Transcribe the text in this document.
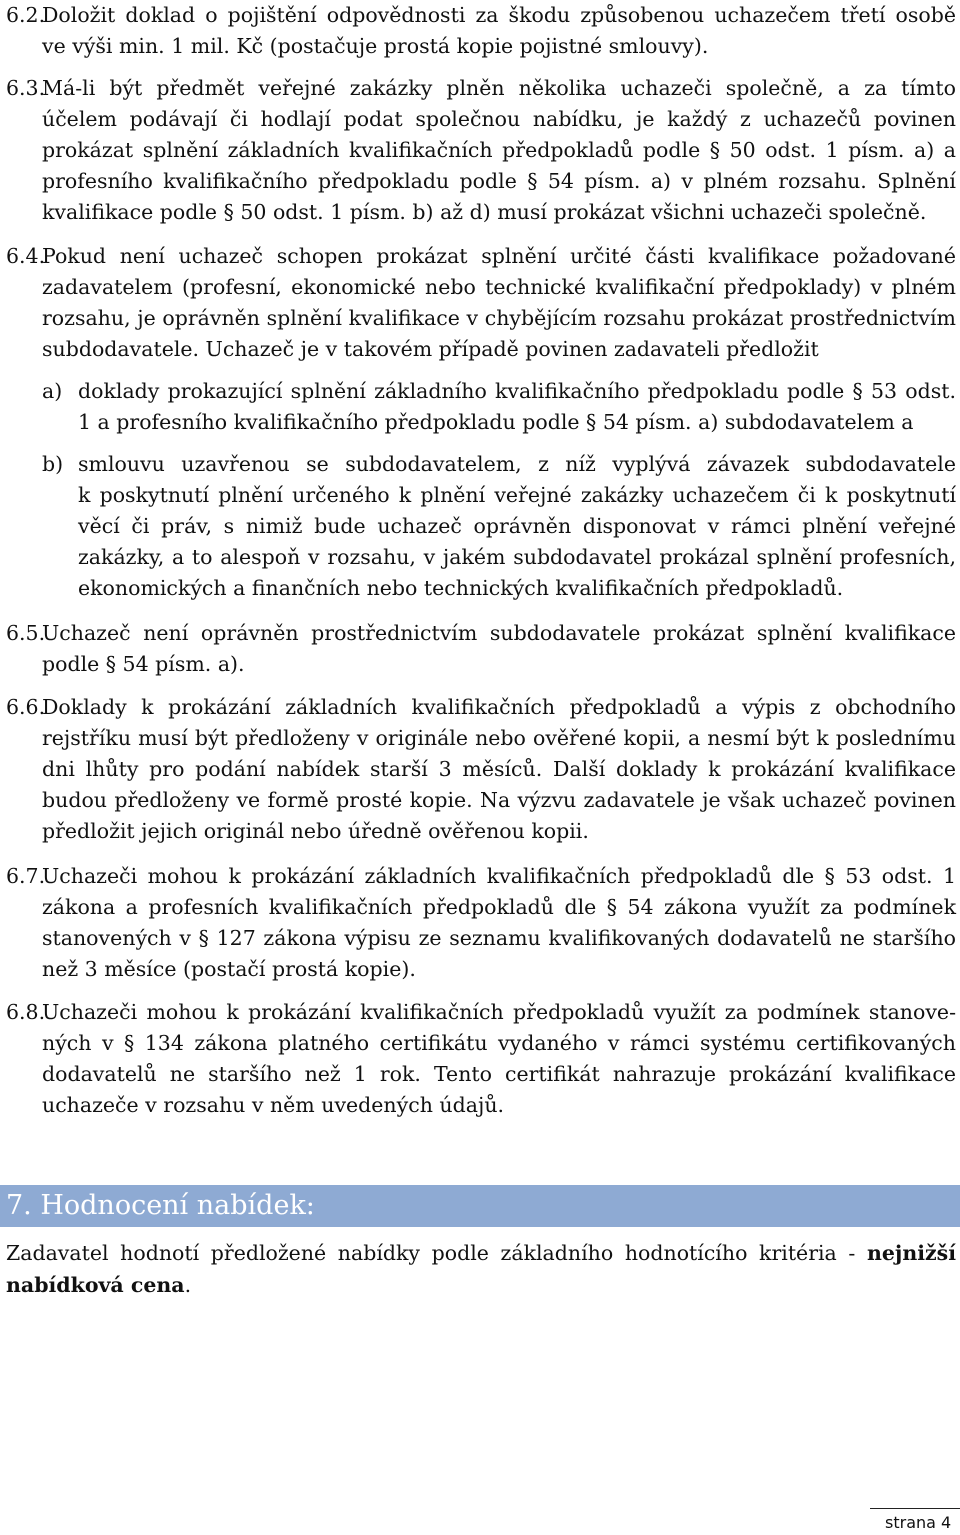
6.2.
Doložit doklad o pojištění odpovědnosti za škodu způsobenou uchazečem třetí osobě
ve výši min. 1 mil. Kč (postačuje prostá kopie pojistné smlouvy).
6.3.
Má-li být předmět veřejné zakázky plněn několika uchazeči společně, a za tímto
účelem podávají či hodlají podat společnou nabídku, je každý z uchazečů povinen
prokázat splnění základních kvalifikačních předpokladů podle § 50 odst. 1 písm. a) a
profesního kvalifikačního předpokladu podle § 54 písm. a) v plném rozsahu. Splnění
kvalifikace podle § 50 odst. 1 písm. b) až d) musí prokázat všichni uchazeči společně.
6.4.
Pokud není uchazeč schopen prokázat splnění určité části kvalifikace požadované
zadavatelem (profesní, ekonomické nebo technické kvalifikační předpoklady) v plném
rozsahu, je oprávněn splnění kvalifikace v chybějícím rozsahu prokázat prostřednictvím
subdodavatele. Uchazeč je v takovém případě povinen zadavateli předložit
a) doklady prokazující splnění základního kvalifikačního předpokladu podle § 53 odst.
1 a profesního kvalifikačního předpokladu podle § 54 písm. a) subdodavatelem a
b) smlouvu uzavřenou se subdodavatelem, z níž vyplývá závazek subdodavatele
k poskytnutí plnění určeného k plnění veřejné zakázky uchazečem či k poskytnutí
věcí či práv, s nimiž bude uchazeč oprávněn disponovat v rámci plnění veřejné
zakázky, a to alespoň v rozsahu, v jakém subdodavatel prokázal splnění profesních,
ekonomických a finančních nebo technických kvalifikačních předpokladů.
6.5.
Uchazeč není oprávněn prostřednictvím subdodavatele prokázat splnění kvalifikace
podle § 54 písm. a).
6.6.
Doklady k prokázání základních kvalifikačních předpokladů a výpis z obchodního
rejstříku musí být předloženy v originále nebo ověřené kopii, a nesmí být k poslednímu
dni lhůty pro podání nabídek starší 3 měsíců. Další doklady k prokázání kvalifikace
budou předloženy ve formě prosté kopie. Na výzvu zadavatele je však uchazeč povinen
předložit jejich originál nebo úředně ověřenou kopii.
6.7.
Uchazeči mohou k prokázání základních kvalifikačních předpokladů dle § 53 odst. 1
zákona a profesních kvalifikačních předpokladů dle § 54 zákona využít za podmínek
stanovených v § 127 zákona výpisu ze seznamu kvalifikovaných dodavatelů ne staršího
než 3 měsíce (postačí prostá kopie).
6.8.
Uchazeči mohou k prokázání kvalifikačních předpokladů využít za podmínek stanove-
ných v § 134 zákona platného certifikátu vydaného v rámci systému certifikovaných
dodavatelů ne staršího než 1 rok. Tento certifikát nahrazuje prokázání kvalifikace
uchazeče v rozsahu v něm uvedených údajů.
7. Hodnocení nabídek:
Zadavatel hodnotí předložené nabídky podle základního hodnotícího kritéria - nejnižší
nabídková cena.
strana 4
